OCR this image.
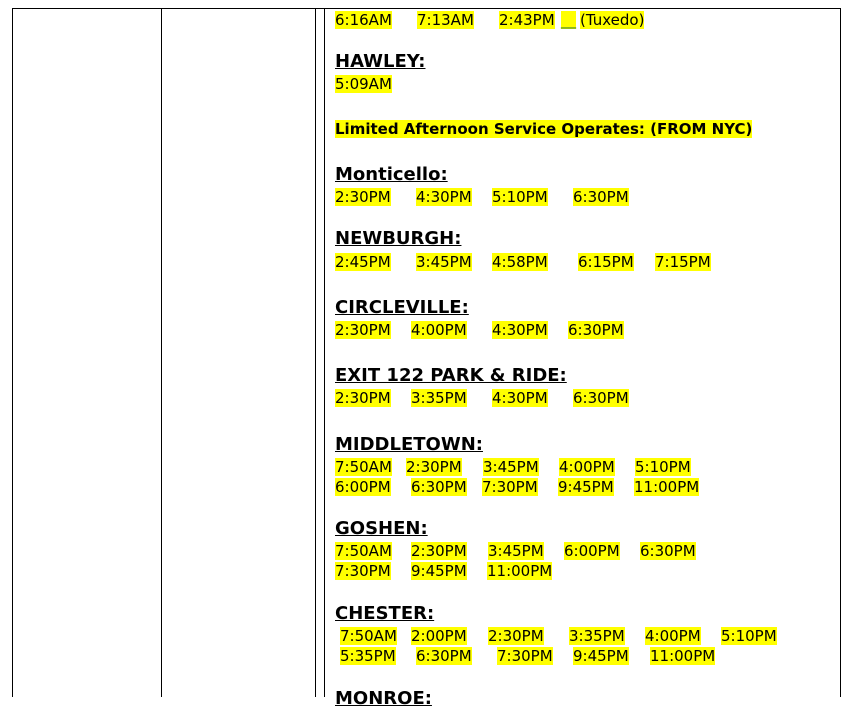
6:16AM 7:13AM 2:43PM __ (Tuxedo)
HAWLEY:
5:09AM
Limited Afternoon Service Operates: (FROM NYC)
Monticello:
2:30PM 4:30PM 5:10PM 6:30PM
NEWBURGH:
2:45PM 3:45PM 4:58PM 6:15PM 7:15PM
CIRCLEVILLE:
2:30PM 4:00PM 4:30PM 6:30PM
EXIT 122 PARK & RIDE:
2:30PM 3:35PM 4:30PM 6:30PM
MIDDLETOWN:
7:50AM 2:30PM 3:45PM 4:00PM 5:10PM
6:00PM 6:30PM 7:30PM 9:45PM 11:00PM
GOSHEN:
7:50AM 2:30PM 3:45PM 6:00PM 6:30PM
7:30PM 9:45PM 11:00PM
CHESTER:
7:50AM 2:00PM 2:30PM 3:35PM 4:00PM 5:10PM
5:35PM 6:30PM 7:30PM 9:45PM 11:00PM
MONROE:
